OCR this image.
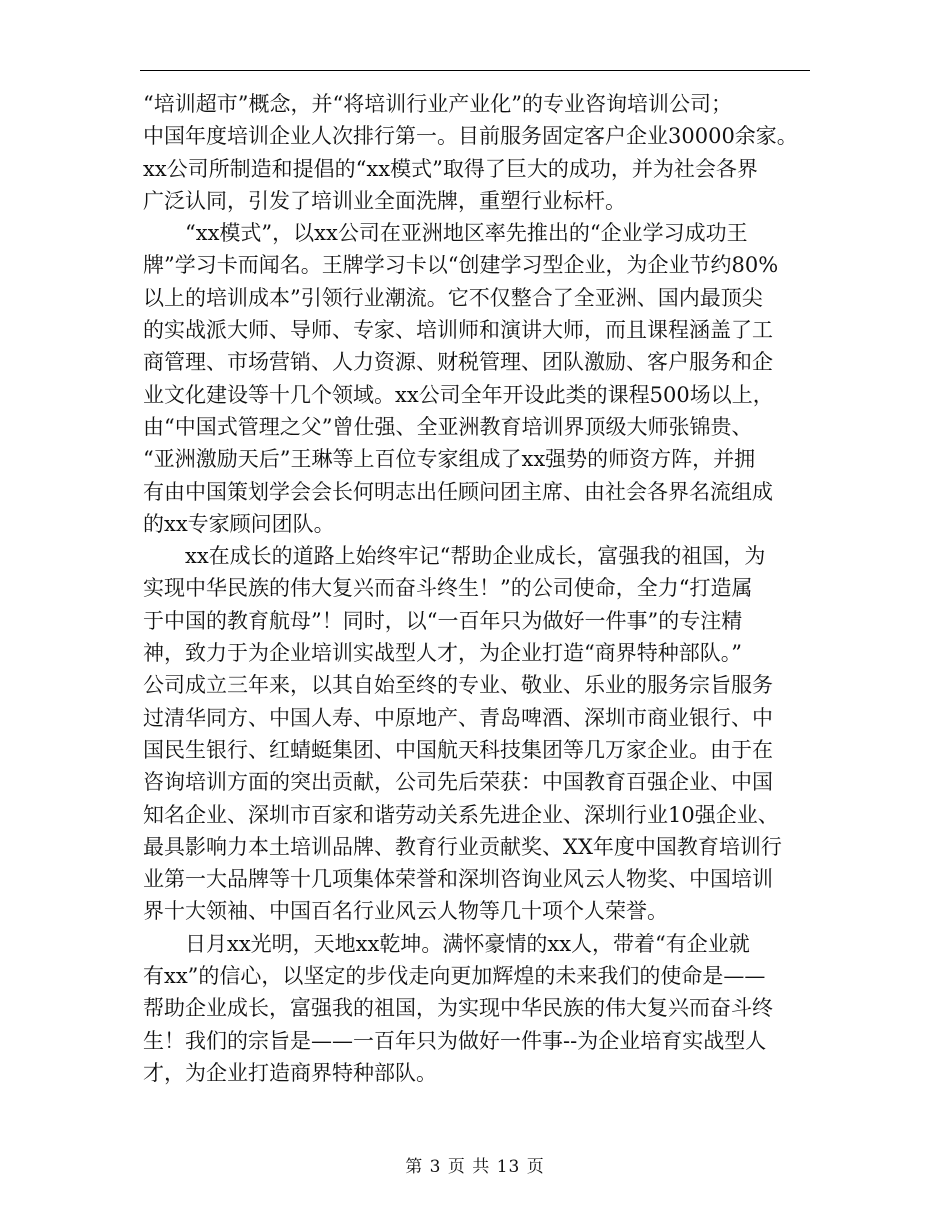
“培训超市”概念，并“将培训行业产业化”的专业咨询培训公司；
中国年度培训企业人次排行第一。目前服务固定客户企业30000余家。
xx公司所制造和提倡的“xx模式”取得了巨大的成功，并为社会各界
广泛认同，引发了培训业全面洗牌，重塑行业标杆。
“xx模式”，以xx公司在亚洲地区率先推出的“企业学习成功王
牌”学习卡而闻名。王牌学习卡以“创建学习型企业，为企业节约80%
以上的培训成本”引领行业潮流。它不仅整合了全亚洲、国内最顶尖
的实战派大师、导师、专家、培训师和演讲大师，而且课程涵盖了工
商管理、市场营销、人力资源、财税管理、团队激励、客户服务和企
业文化建设等十几个领域。xx公司全年开设此类的课程500场以上，
由“中国式管理之父”曾仕强、全亚洲教育培训界顶级大师张锦贵、
“亚洲激励天后”王琳等上百位专家组成了xx强势的师资方阵，并拥
有由中国策划学会会长何明志出任顾问团主席、由社会各界名流组成
的xx专家顾问团队。
xx在成长的道路上始终牢记“帮助企业成长，富强我的祖国，为
实现中华民族的伟大复兴而奋斗终生！”的公司使命，全力“打造属
于中国的教育航母”！同时，以“一百年只为做好一件事”的专注精
神，致力于为企业培训实战型人才，为企业打造“商界特种部队。”
公司成立三年来，以其自始至终的专业、敬业、乐业的服务宗旨服务
过清华同方、中国人寿、中原地产、青岛啤酒、深圳市商业银行、中
国民生银行、红蜻蜓集团、中国航天科技集团等几万家企业。由于在
咨询培训方面的突出贡献，公司先后荣获：中国教育百强企业、中国
知名企业、深圳市百家和谐劳动关系先进企业、深圳行业10强企业、
最具影响力本土培训品牌、教育行业贡献奖、XX年度中国教育培训行
业第一大品牌等十几项集体荣誉和深圳咨询业风云人物奖、中国培训
界十大领袖、中国百名行业风云人物等几十项个人荣誉。
日月xx光明，天地xx乾坤。满怀豪情的xx人，带着“有企业就
有xx”的信心，以坚定的步伐走向更加辉煌的未来我们的使命是——
帮助企业成长，富强我的祖国，为实现中华民族的伟大复兴而奋斗终
生！我们的宗旨是——一百年只为做好一件事--为企业培育实战型人
才，为企业打造商界特种部队。
第 3 页 共 13 页
